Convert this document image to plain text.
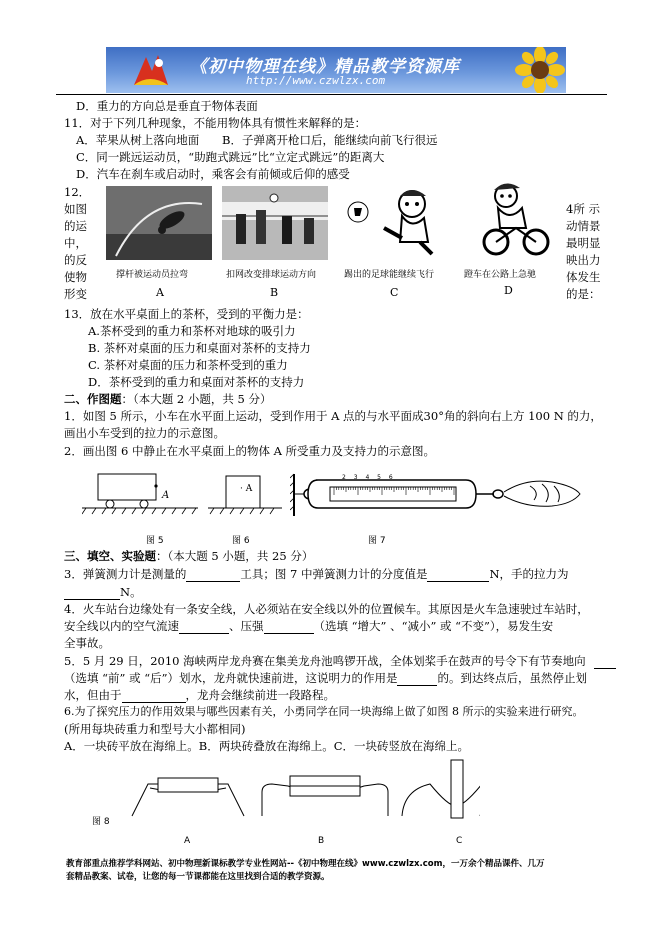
《初中物理在线》精品教学资源库
http://www.czwlzx.com
D．重力的方向总是垂直于物体表面
11．对于下列几种现象，不能用物体具有惯性来解释的是：
A．苹果从树上落向地面 B．子弹离开枪口后，能继续向前飞行很远
C．同一跳远运动员，“助跑式跳远”比“立定式跳远”的距离大
D．汽车在刹车或启动时，乘客会有前倾或后仰的感受
12．
如图
的运
中，
的反
使物
形变
4所 示
动情景
最明显
映出力
体发生
的是：
撑杆被运动员拉弯	扣网改变排球运动方向	踢出的足球能继续飞行	蹬车在公路上急驰
A	B	C	D
13．放在水平桌面上的茶杯，受到的平衡力是：
A.茶杯受到的重力和茶杯对地球的吸引力
B. 茶杯对桌面的压力和桌面对茶杯的支持力
C. 茶杯对桌面的压力和茶杯受到的重力
D．茶杯受到的重力和桌面对茶杯的支持力
二、作图题：（本大题 2 小题，共 5 分）
1．如图 5 所示，小车在水平面上运动，受到作用于 A 点的与水平面成30°角的斜向右上方 100 N 的力，
画出小车受到的拉力的示意图。
2．画出图 6 中静止在水平桌面上的物体 A 所受重力及支持力的示意图。
A
· A
2 3 4 5 6
图 5	图 6	图 7
三、填空、实验题：（本大题 5 小题，共 25 分）
3．弹簧测力计是测量的	工具；图 7 中弹簧测力计的分度值是	N，手的拉力为
N。
4．火车站台边缘处有一条安全线，人必须站在安全线以外的位置候车。其原因是火车急速驶过车站时，
安全线以内的空气流速	、压强	（选填 “增大” 、“减小” 或 “不变”），易发生安
全事故。
5．5 月 29 日，2010 海峡两岸龙舟赛在集美龙舟池鸣锣开战，全体划桨手在鼓声的号令下有节奏地向
（选填 “前” 或 “后”）划水，龙舟就快速前进，这说明力的作用是	的。到达终点后，虽然停止划
水，但由于	，龙舟会继续前进一段路程。
6.为了探究压力的作用效果与哪些因素有关，小勇同学在同一块海绵上做了如图 8 所示的实验来进行研究。
(所用每块砖重力和型号大小都相同)
A．一块砖平放在海绵上。B．两块砖叠放在海绵上。C．一块砖竖放在海绵上。
图 8
A	B	C
教育部重点推荐学科网站、初中物理新课标教学专业性网站--《初中物理在线》www.czwlzx.com，一万余个精品课件、几万
套精品教案、试卷，让您的每一节课都能在这里找到合适的教学资源。
